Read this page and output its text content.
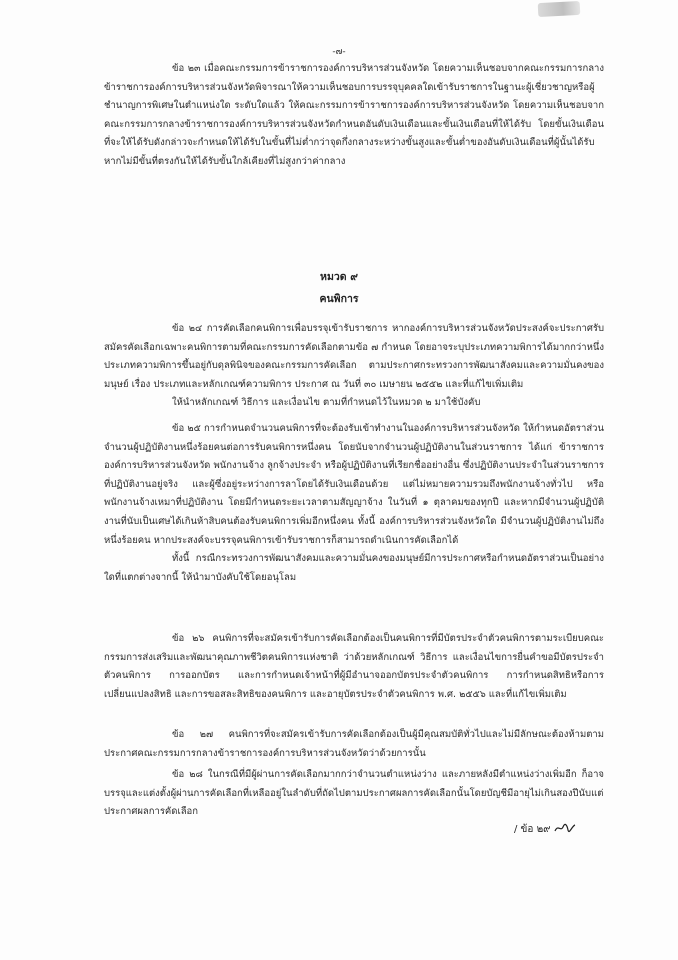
-๗-
ข้อ ๒๓ เมื่อคณะกรรมการข้าราชการองค์การบริหารส่วนจังหวัด โดยความเห็นชอบจากคณะกรรมการกลางข้าราชการองค์การบริหารส่วนจังหวัดพิจารณาให้ความเห็นชอบการบรรจุบุคคลใดเข้ารับราชการในฐานะผู้เชี่ยวชาญหรือผู้ชำนาญการพิเศษในตำแหน่งใด ระดับใดแล้ว ให้คณะกรรมการข้าราชการองค์การบริหารส่วนจังหวัด โดยความเห็นชอบจากคณะกรรมการกลางข้าราชการองค์การบริหารส่วนจังหวัดกำหนดอันดับเงินเดือนและขั้นเงินเดือนที่ให้ได้รับ โดยขั้นเงินเดือนที่จะให้ได้รับดังกล่าวจะกำหนดให้ได้รับในขั้นที่ไม่ต่ำกว่าจุดกึ่งกลางระหว่างขั้นสูงและขั้นต่ำของอันดับเงินเดือนที่ผู้นั้นได้รับ หากไม่มีขั้นที่ตรงกันให้ได้รับขั้นใกล้เคียงที่ไม่สูงกว่าค่ากลาง
หมวด ๙
คนพิการ
ข้อ ๒๔ การคัดเลือกคนพิการเพื่อบรรจุเข้ารับราชการ หากองค์การบริหารส่วนจังหวัดประสงค์จะประกาศรับสมัครคัดเลือกเฉพาะคนพิการตามที่คณะกรรมการคัดเลือกตามข้อ ๗ กำหนด โดยอาจระบุประเภทความพิการได้มากกว่าหนึ่งประเภทความพิการขึ้นอยู่กับดุลพินิจของคณะกรรมการคัดเลือก ตามประกาศกระทรวงการพัฒนาสังคมและความมั่นคงของมนุษย์ เรื่อง ประเภทและหลักเกณฑ์ความพิการ ประกาศ ณ วันที่ ๓๐ เมษายน ๒๕๕๒ และที่แก้ไขเพิ่มเติม
ให้นำหลักเกณฑ์ วิธีการ และเงื่อนไข ตามที่กำหนดไว้ในหมวด ๒ มาใช้บังคับ
ข้อ ๒๕ การกำหนดจำนวนคนพิการที่จะต้องรับเข้าทำงานในองค์การบริหารส่วนจังหวัด ให้กำหนดอัตราส่วนจำนวนผู้ปฏิบัติงานหนึ่งร้อยคนต่อการรับคนพิการหนึ่งคน โดยนับจากจำนวนผู้ปฏิบัติงานในส่วนราชการ ได้แก่ ข้าราชการองค์การบริหารส่วนจังหวัด พนักงานจ้าง ลูกจ้างประจำ หรือผู้ปฏิบัติงานที่เรียกชื่ออย่างอื่น ซึ่งปฏิบัติงานประจำในส่วนราชการที่ปฏิบัติงานอยู่จริง และผู้ซึ่งอยู่ระหว่างการลาโดยได้รับเงินเดือนด้วย แต่ไม่หมายความรวมถึงพนักงานจ้างทั่วไป หรือพนักงานจ้างเหมาที่ปฏิบัติงาน โดยมีกำหนดระยะเวลาตามสัญญาจ้าง ในวันที่ ๑ ตุลาคมของทุกปี และหากมีจำนวนผู้ปฏิบัติงานที่นับเป็นเศษได้เกินห้าสิบคนต้องรับคนพิการเพิ่มอีกหนึ่งคน ทั้งนี้ องค์การบริหารส่วนจังหวัดใด มีจำนวนผู้ปฏิบัติงานไม่ถึงหนึ่งร้อยคน หากประสงค์จะบรรจุคนพิการเข้ารับราชการก็สามารถดำเนินการคัดเลือกได้
ทั้งนี้ กรณีกระทรวงการพัฒนาสังคมและความมั่นคงของมนุษย์มีการประกาศหรือกำหนดอัตราส่วนเป็นอย่างใดที่แตกต่างจากนี้ ให้นำมาบังคับใช้โดยอนุโลม
ข้อ ๒๖ คนพิการที่จะสมัครเข้ารับการคัดเลือกต้องเป็นคนพิการที่มีบัตรประจำตัวคนพิการตามระเบียบคณะกรรมการส่งเสริมและพัฒนาคุณภาพชีวิตคนพิการแห่งชาติ ว่าด้วยหลักเกณฑ์ วิธีการ และเงื่อนไขการยื่นคำขอมีบัตรประจำตัวคนพิการ การออกบัตร และการกำหนดเจ้าหน้าที่ผู้มีอำนาจออกบัตรประจำตัวคนพิการ การกำหนดสิทธิหรือการเปลี่ยนแปลงสิทธิ และการขอสละสิทธิของคนพิการ และอายุบัตรประจำตัวคนพิการ พ.ศ. ๒๕๕๖ และที่แก้ไขเพิ่มเติม
ข้อ ๒๗ คนพิการที่จะสมัครเข้ารับการคัดเลือกต้องเป็นผู้มีคุณสมบัติทั่วไปและไม่มีลักษณะต้องห้ามตามประกาศคณะกรรมการกลางข้าราชการองค์การบริหารส่วนจังหวัดว่าด้วยการนั้น
ข้อ ๒๘ ในกรณีที่มีผู้ผ่านการคัดเลือกมากกว่าจำนวนตำแหน่งว่าง และภายหลังมีตำแหน่งว่างเพิ่มอีก ก็อาจบรรจุและแต่งตั้งผู้ผ่านการคัดเลือกที่เหลืออยู่ในลำดับที่ถัดไปตามประกาศผลการคัดเลือกนั้นโดยบัญชีมีอายุไม่เกินสองปีนับแต่ประกาศผลการคัดเลือก
/ ข้อ ๒๙
